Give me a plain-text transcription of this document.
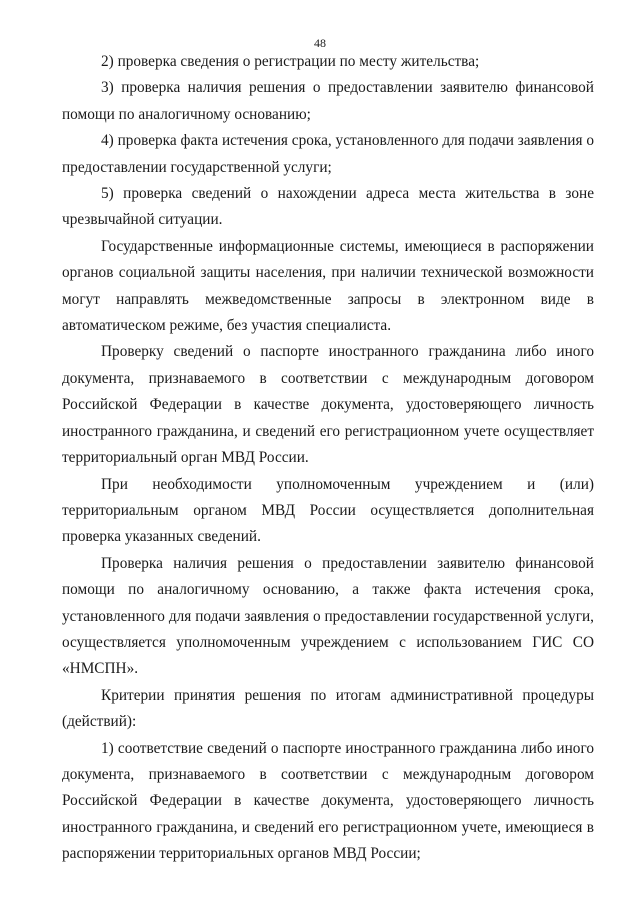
48

2) проверка сведения о регистрации по месту жительства;

3) проверка наличия решения о предоставлении заявителю финансовой помощи по аналогичному основанию;

4) проверка факта истечения срока, установленного для подачи заявления о предоставлении государственной услуги;

5) проверка сведений о нахождении адреса места жительства в зоне чрезвычайной ситуации.

Государственные информационные системы, имеющиеся в распоряжении органов социальной защиты населения, при наличии технической возможности могут направлять межведомственные запросы в электронном виде в автоматическом режиме, без участия специалиста.

Проверку сведений о паспорте иностранного гражданина либо иного документа, признаваемого в соответствии с международным договором Российской Федерации в качестве документа, удостоверяющего личность иностранного гражданина, и сведений его регистрационном учете осуществляет территориальный орган МВД России.

При необходимости уполномоченным учреждением и (или) территориальным органом МВД России осуществляется дополнительная проверка указанных сведений.

Проверка наличия решения о предоставлении заявителю финансовой помощи по аналогичному основанию, а также факта истечения срока, установленного для подачи заявления о предоставлении государственной услуги, осуществляется уполномоченным учреждением с использованием ГИС СО «НМСПН».

Критерии принятия решения по итогам административной процедуры (действий):

1) соответствие сведений о паспорте иностранного гражданина либо иного документа, признаваемого в соответствии с международным договором Российской Федерации в качестве документа, удостоверяющего личность иностранного гражданина, и сведений его регистрационном учете, имеющиеся в распоряжении территориальных органов МВД России;
